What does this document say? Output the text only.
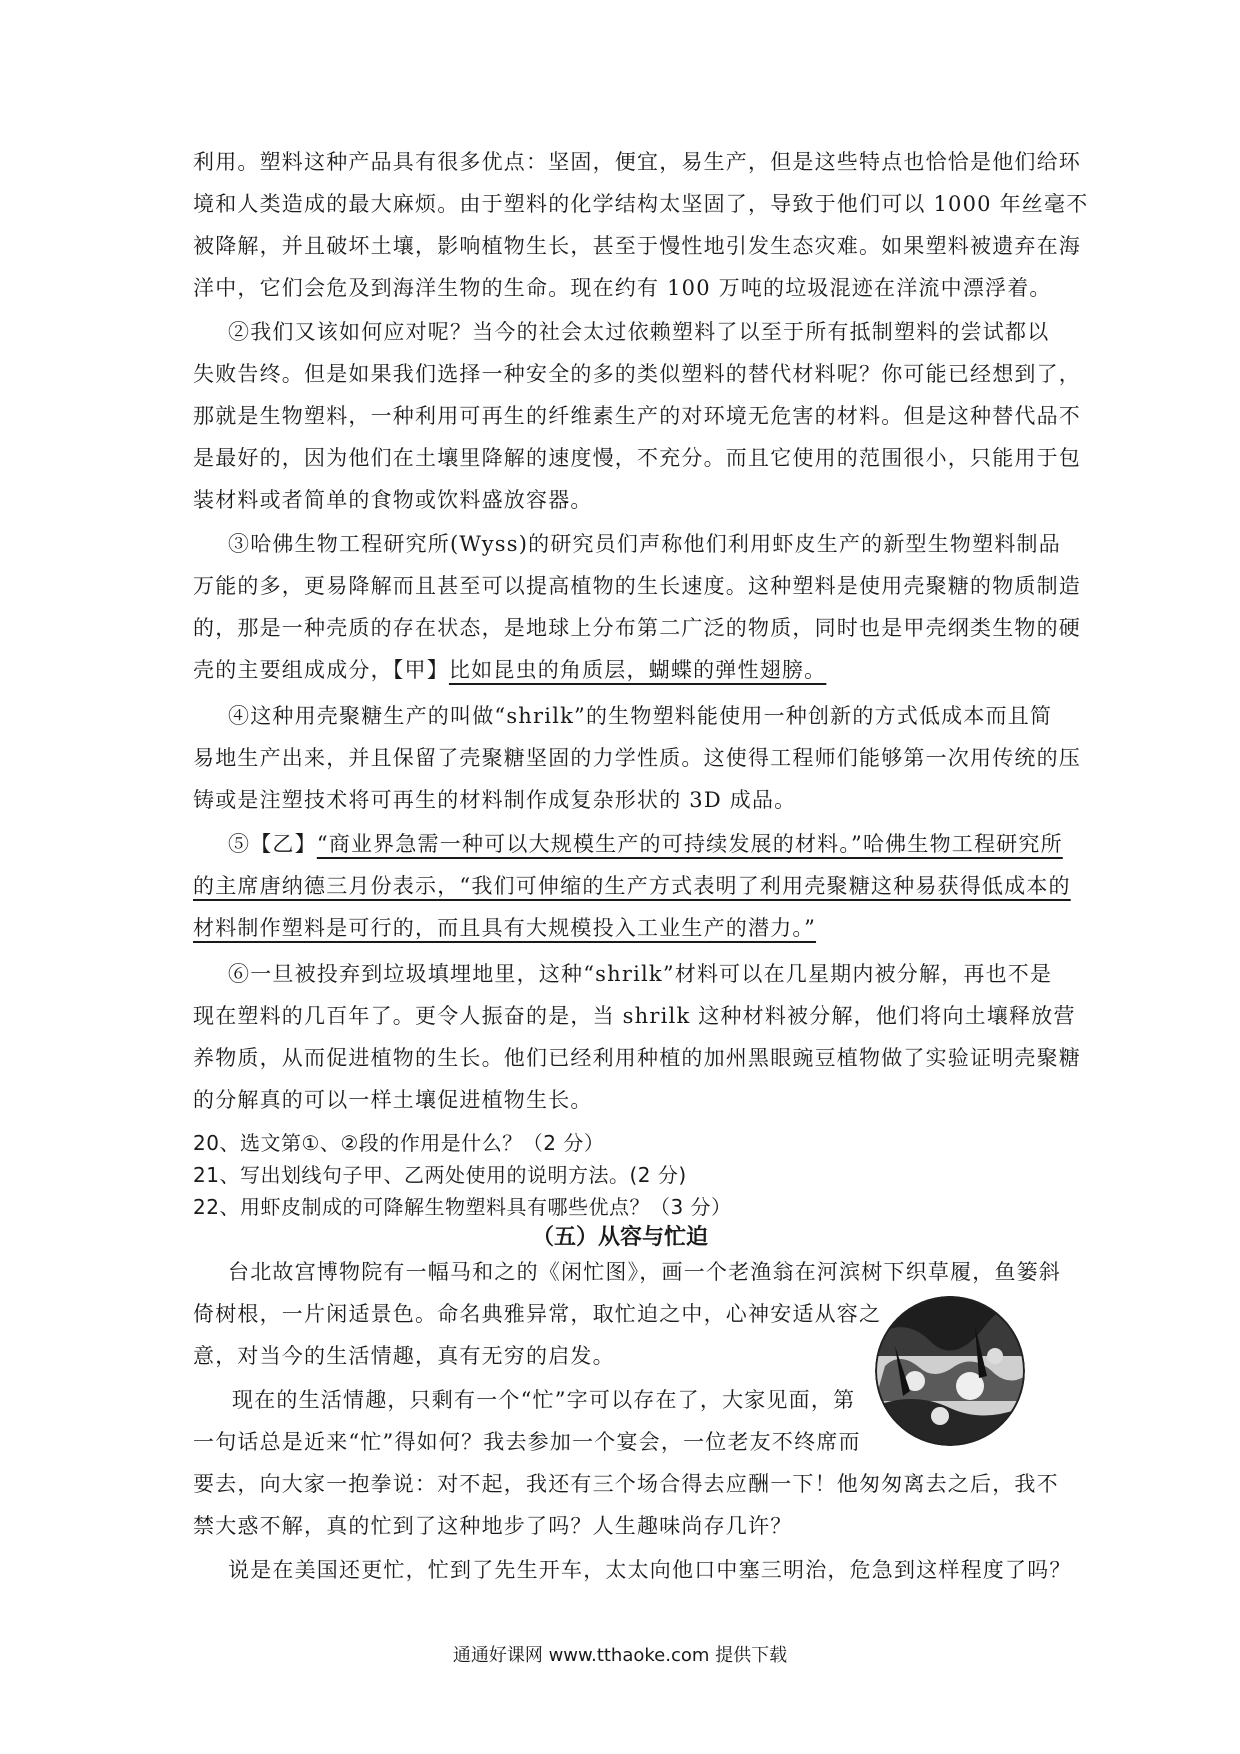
利用。塑料这种产品具有很多优点：坚固，便宜，易生产，但是这些特点也恰恰是他们给环
境和人类造成的最大麻烦。由于塑料的化学结构太坚固了，导致于他们可以 1000 年丝毫不
被降解，并且破坏土壤，影响植物生长，甚至于慢性地引发生态灾难。如果塑料被遗弃在海
洋中，它们会危及到海洋生物的生命。现在约有 100 万吨的垃圾混迹在洋流中漂浮着。
②我们又该如何应对呢？当今的社会太过依赖塑料了以至于所有抵制塑料的尝试都以
失败告终。但是如果我们选择一种安全的多的类似塑料的替代材料呢？你可能已经想到了，
那就是生物塑料，一种利用可再生的纤维素生产的对环境无危害的材料。但是这种替代品不
是最好的，因为他们在土壤里降解的速度慢，不充分。而且它使用的范围很小，只能用于包
装材料或者简单的食物或饮料盛放容器。
③哈佛生物工程研究所(Wyss)的研究员们声称他们利用虾皮生产的新型生物塑料制品
万能的多，更易降解而且甚至可以提高植物的生长速度。这种塑料是使用壳聚糖的物质制造
的，那是一种壳质的存在状态，是地球上分布第二广泛的物质，同时也是甲壳纲类生物的硬
壳的主要组成成分，【甲】比如昆虫的角质层，蝴蝶的弹性翅膀。
④这种用壳聚糖生产的叫做“shrilk”的生物塑料能使用一种创新的方式低成本而且简
易地生产出来，并且保留了壳聚糖坚固的力学性质。这使得工程师们能够第一次用传统的压
铸或是注塑技术将可再生的材料制作成复杂形状的 3D 成品。
⑤【乙】“商业界急需一种可以大规模生产的可持续发展的材料。”哈佛生物工程研究所
的主席唐纳德三月份表示，“我们可伸缩的生产方式表明了利用壳聚糖这种易获得低成本的
材料制作塑料是可行的，而且具有大规模投入工业生产的潜力。”
⑥一旦被投弃到垃圾填埋地里，这种“shrilk”材料可以在几星期内被分解，再也不是
现在塑料的几百年了。更令人振奋的是，当 shrilk 这种材料被分解，他们将向土壤释放营
养物质，从而促进植物的生长。他们已经利用种植的加州黑眼豌豆植物做了实验证明壳聚糖
的分解真的可以一样土壤促进植物生长。
20、选文第①、②段的作用是什么？（2 分）
21、写出划线句子甲、乙两处使用的说明方法。(2 分)
22、用虾皮制成的可降解生物塑料具有哪些优点？（3 分）
（五）从容与忙迫
台北故宫博物院有一幅马和之的《闲忙图》，画一个老渔翁在河滨树下织草履，鱼篓斜
倚树根，一片闲适景色。命名典雅异常，取忙迫之中，心神安适从容之
意，对当今的生活情趣，真有无穷的启发。
现在的生活情趣，只剩有一个“忙”字可以存在了，大家见面，第
一句话总是近来“忙”得如何？我去参加一个宴会，一位老友不终席而
要去，向大家一抱拳说：对不起，我还有三个场合得去应酬一下！他匆匆离去之后，我不
禁大惑不解，真的忙到了这种地步了吗？人生趣味尚存几许？
说是在美国还更忙，忙到了先生开车，太太向他口中塞三明治，危急到这样程度了吗？
通通好课网 www.tthaoke.com 提供下载
